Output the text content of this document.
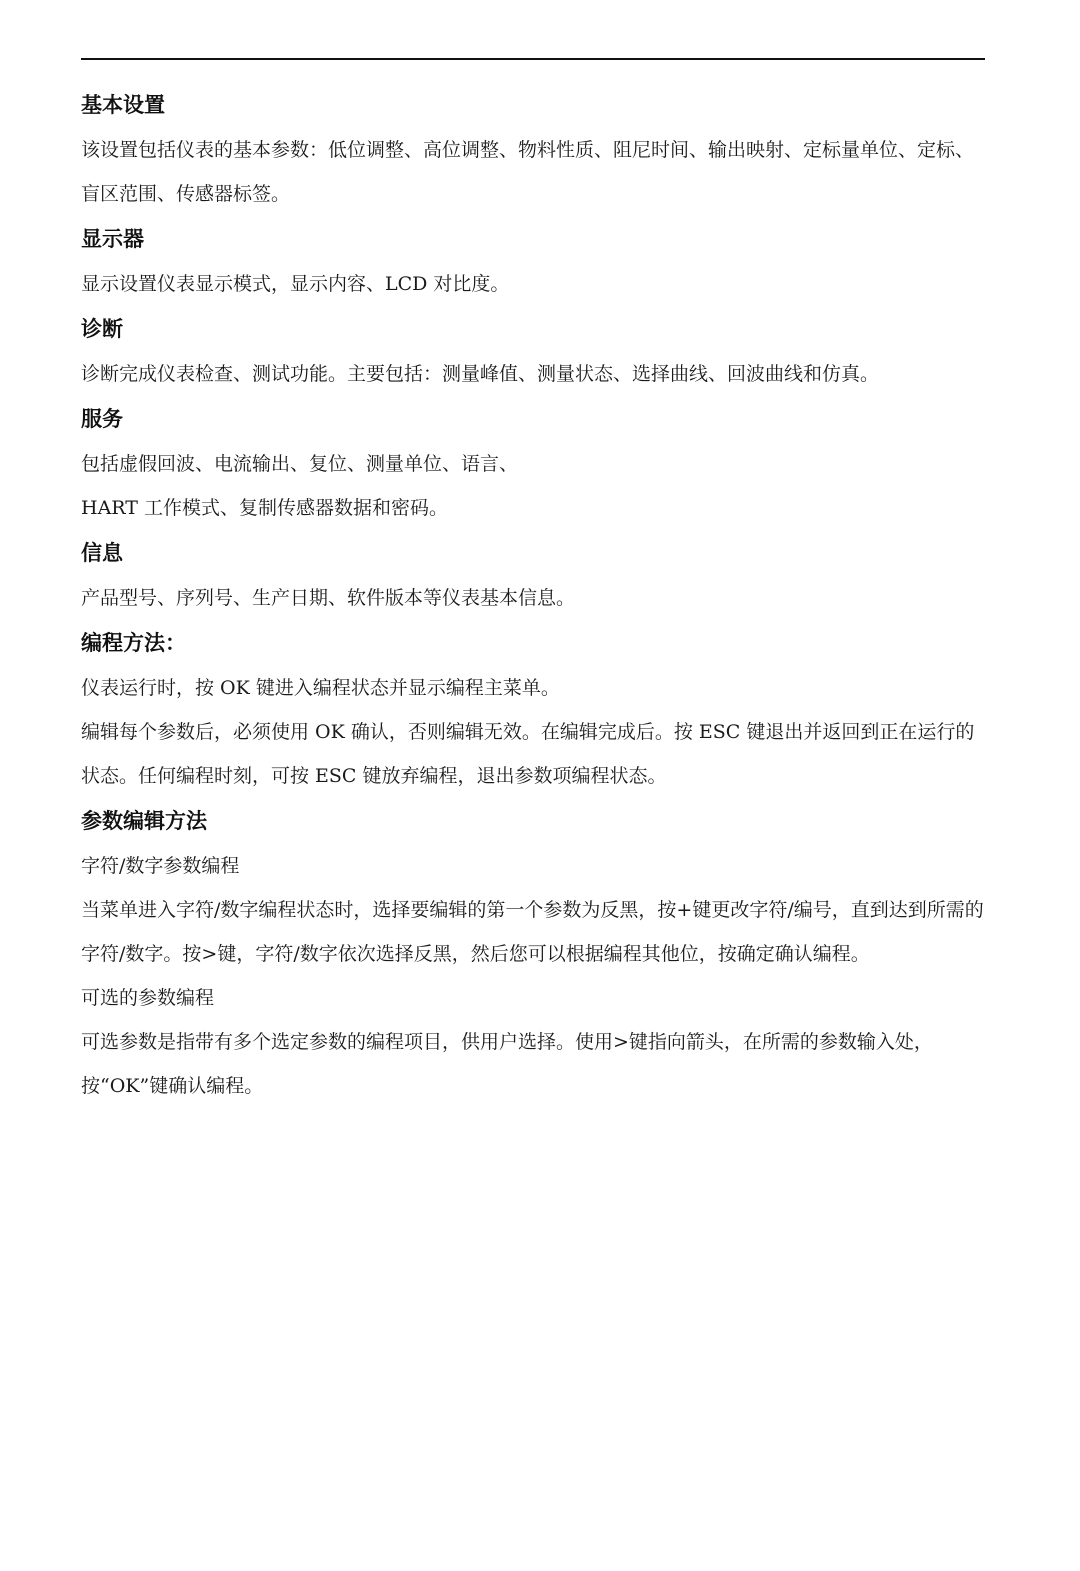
基本设置

该设置包括仪表的基本参数：低位调整、高位调整、物料性质、阻尼时间、输出映射、定标量单位、定标、盲区范围、传感器标签。

显示器

显示设置仪表显示模式，显示内容、LCD 对比度。

诊断

诊断完成仪表检查、测试功能。主要包括：测量峰值、测量状态、选择曲线、回波曲线和仿真。

服务

包括虚假回波、电流输出、复位、测量单位、语言、

HART 工作模式、复制传感器数据和密码。

信息

产品型号、序列号、生产日期、软件版本等仪表基本信息。

编程方法：

仪表运行时，按 OK 键进入编程状态并显示编程主菜单。

编辑每个参数后，必须使用 OK 确认，否则编辑无效。在编辑完成后。按 ESC 键退出并返回到正在运行的状态。任何编程时刻，可按 ESC 键放弃编程，退出参数项编程状态。

参数编辑方法

字符/数字参数编程

当菜单进入字符/数字编程状态时，选择要编辑的第一个参数为反黑，按+键更改字符/编号，直到达到所需的字符/数字。按>键，字符/数字依次选择反黑，然后您可以根据编程其他位，按确定确认编程。

可选的参数编程

可选参数是指带有多个选定参数的编程项目，供用户选择。使用>键指向箭头，在所需的参数输入处，按“OK”键确认编程。
